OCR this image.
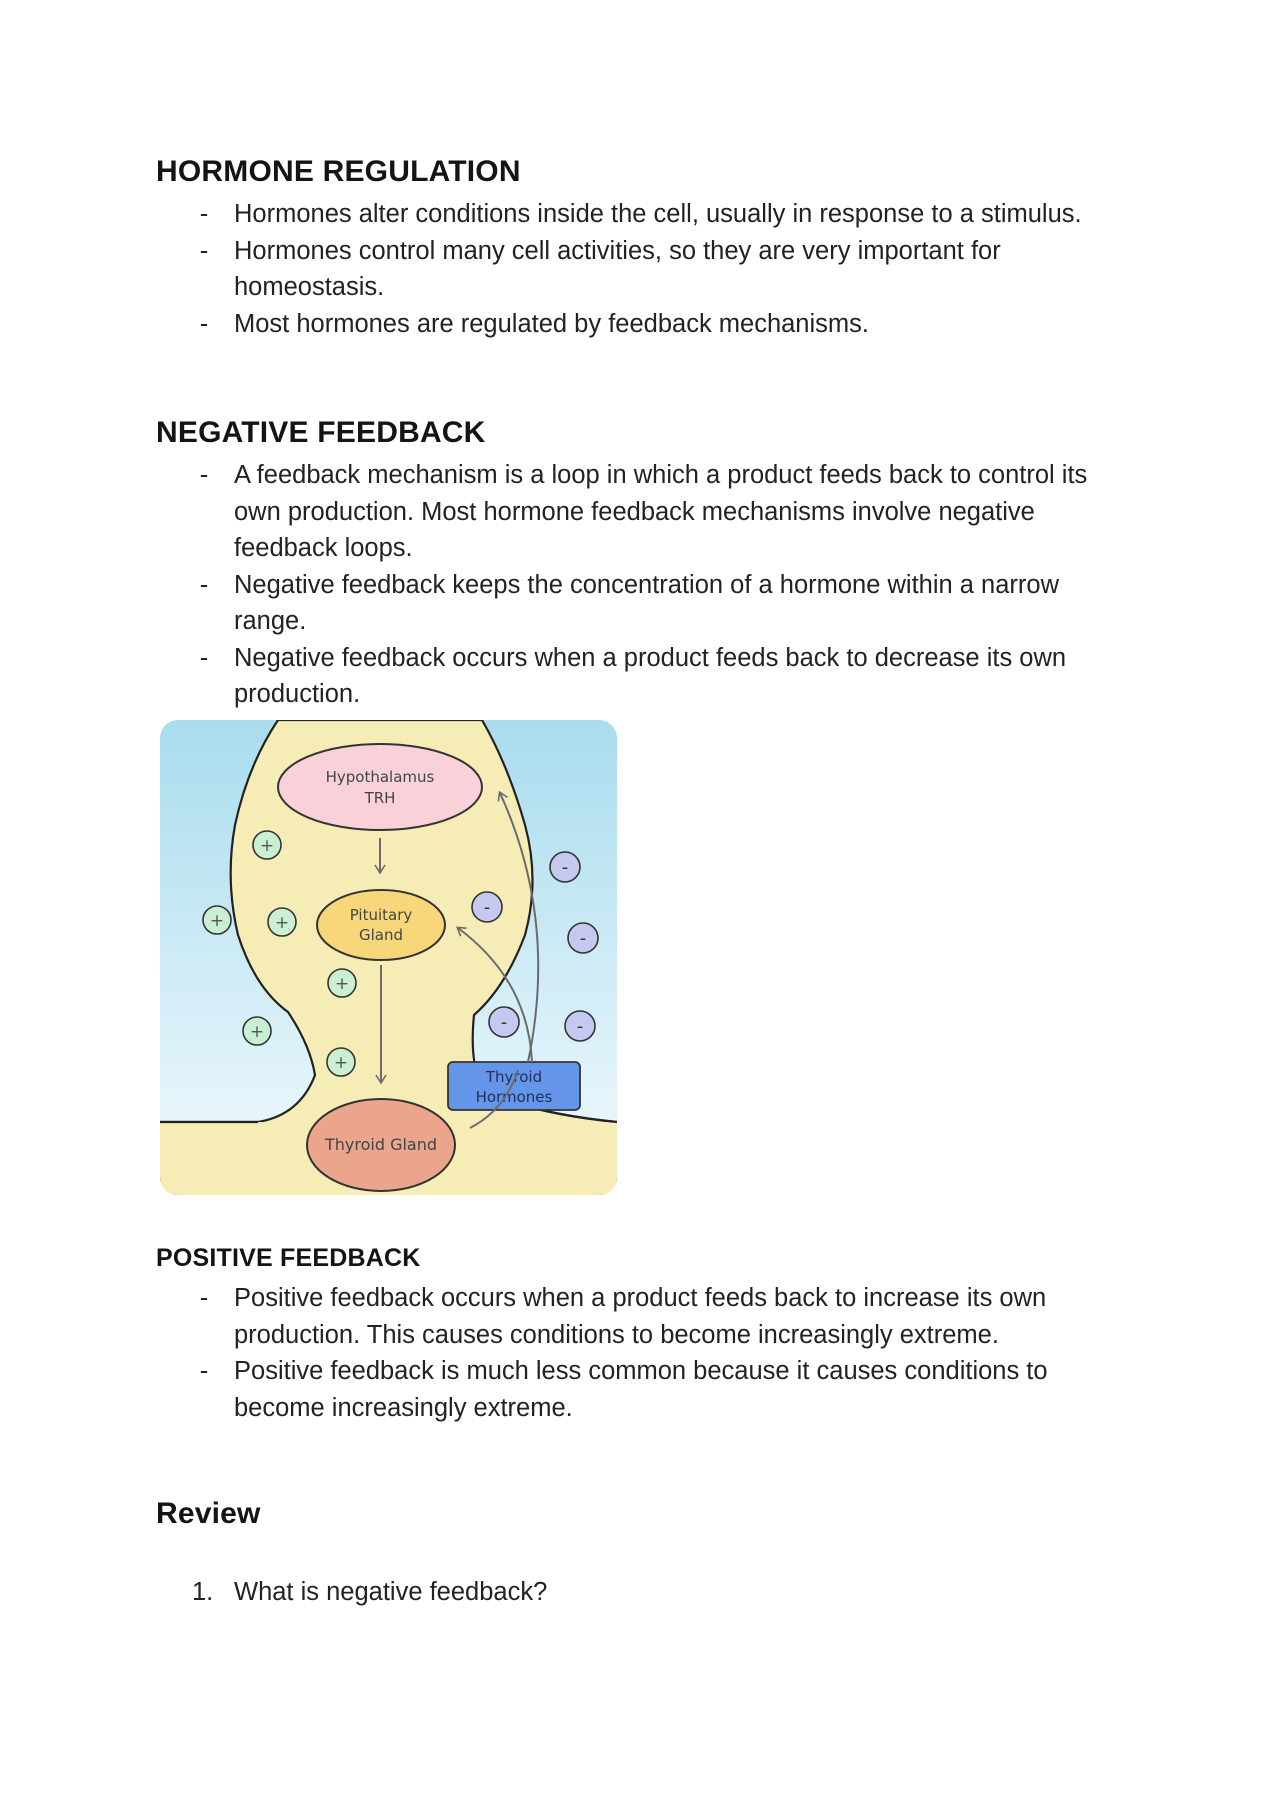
HORMONE REGULATION
- Hormones alter conditions inside the cell, usually in response to a stimulus.
- Hormones control many cell activities, so they are very important for homeostasis.
- Most hormones are regulated by feedback mechanisms.
NEGATIVE FEEDBACK
- A feedback mechanism is a loop in which a product feeds back to control its own production. Most hormone feedback mechanisms involve negative feedback loops.
- Negative feedback keeps the concentration of a hormone within a narrow range.
- Negative feedback occurs when a product feeds back to decrease its own production.
Hypothalamus
TRH
Pituitary
Gland
Thyroid Gland
Thyroid
Hormones
+
+	+
+
+
+
-
-
-
-	-
POSITIVE FEEDBACK
- Positive feedback occurs when a product feeds back to increase its own production. This causes conditions to become increasingly extreme.
- Positive feedback is much less common because it causes conditions to become increasingly extreme.
Review
1. What is negative feedback?
